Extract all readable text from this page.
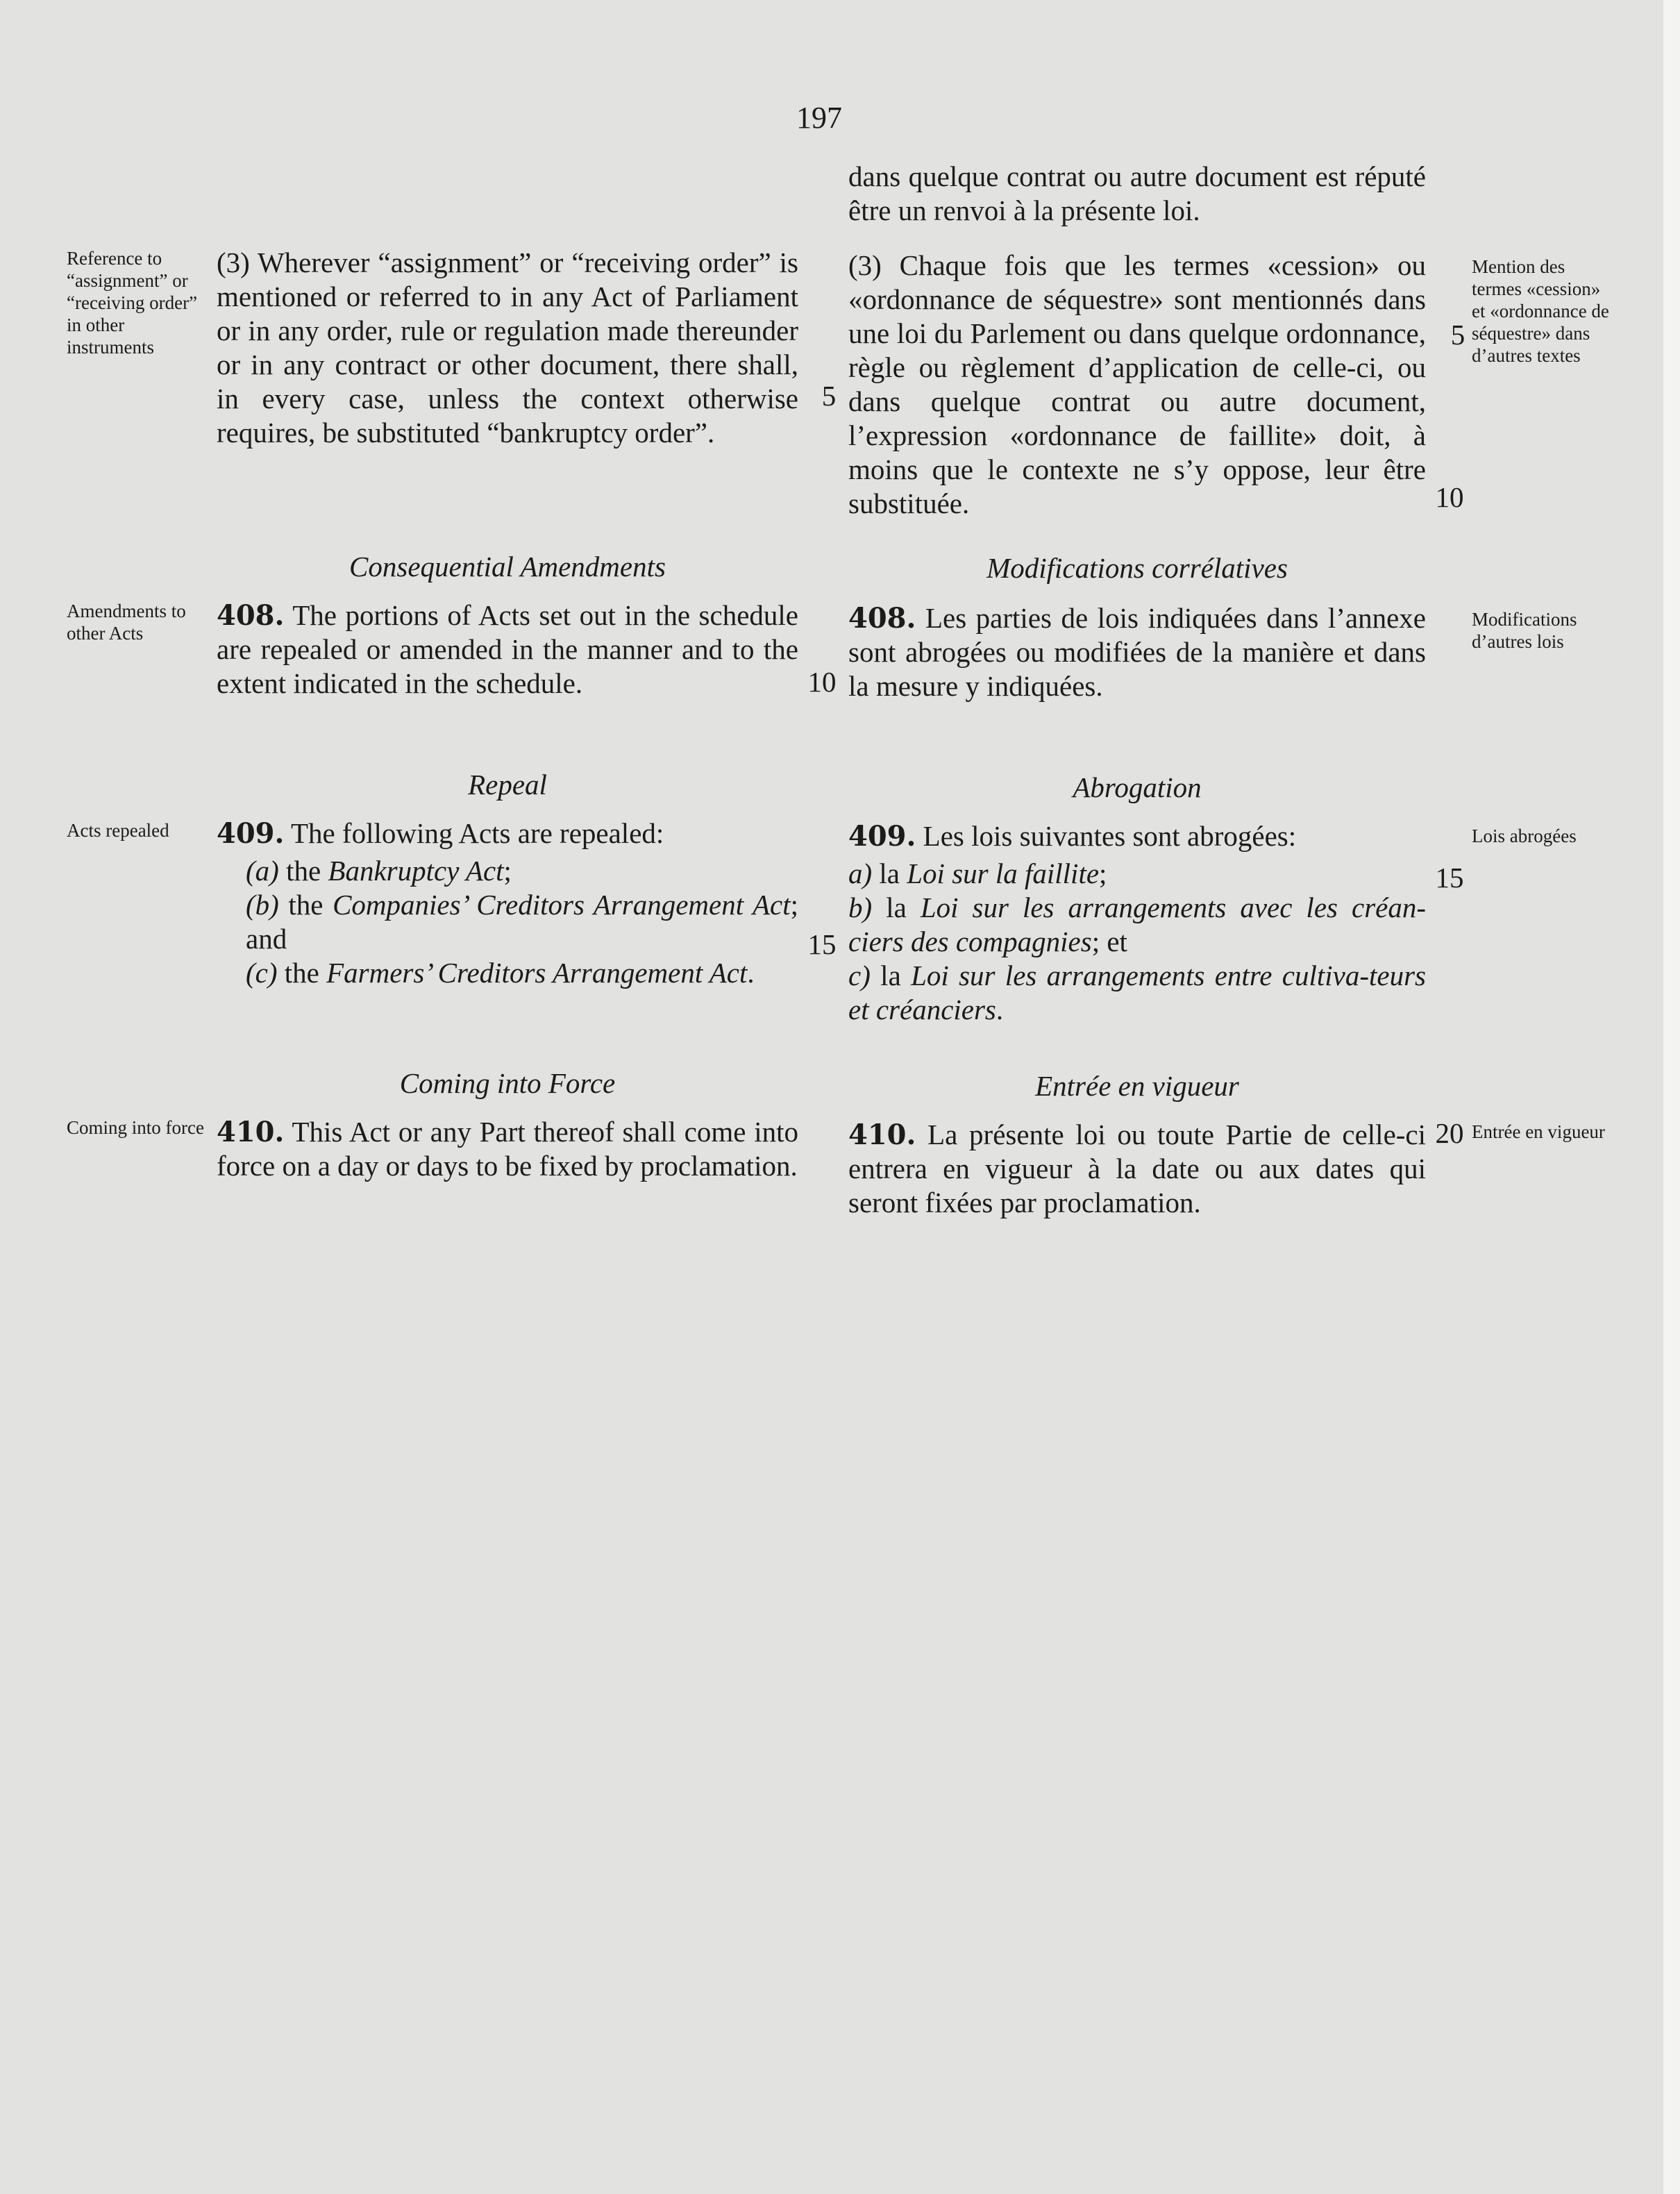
197

dans quelque contrat ou autre document est réputé être un renvoi à la présente loi.

Reference to “assignment” or “receiving order” in other instruments

(3) Wherever “assignment” or “receiving order” is mentioned or referred to in any Act of Parliament or in any order, rule or regulation made thereunder or in any contract or other document, there shall, in every case, unless the context otherwise requires, be substituted “bankruptcy order”.

5

(3) Chaque fois que les termes «cession» ou «ordonnance de séquestre» sont mentionnés dans une loi du Parlement ou dans quelque ordonnance, règle ou règlement d’application de celle-ci, ou dans quelque contrat ou autre document, l’expression «ordonnance de faillite» doit, à moins que le contexte ne s’y oppose, leur être substituée.

5
10
Mention des termes «cession» et «ordonnance de séquestre» dans d’autres textes
Consequential Amendments	Modifications corrélatives
Amendments to other Acts

408. The portions of Acts set out in the schedule are repealed or amended in the manner and to the extent indicated in the schedule.	10

408. Les parties de lois indiquées dans l’annexe sont abrogées ou modifiées de la manière et dans la mesure y indiquées.

Modifications d’autres lois
Repeal	Abrogation
Acts repealed	409. The following Acts are repealed:

(a) the Bankruptcy Act;
(b) the Companies’ Creditors Arrangement Act; and
(c) the Farmers’ Creditors Arrangement Act.
15

409. Les lois suivantes sont abrogées:

a) la Loi sur la faillite;
b) la Loi sur les arrangements avec les créan-ciers des compagnies; et
c) la Loi sur les arrangements entre cultiva-teurs et créanciers.
15
Lois abrogées
Coming into Force	Entrée en vigueur
Coming into force 410. This Act or any Part thereof shall come into force on a day or days to be fixed by proclamation.

410. La présente loi ou toute Partie de celle-ci entrera en vigueur à la date ou aux dates qui seront fixées par proclamation.

20 Entrée en vigueur
